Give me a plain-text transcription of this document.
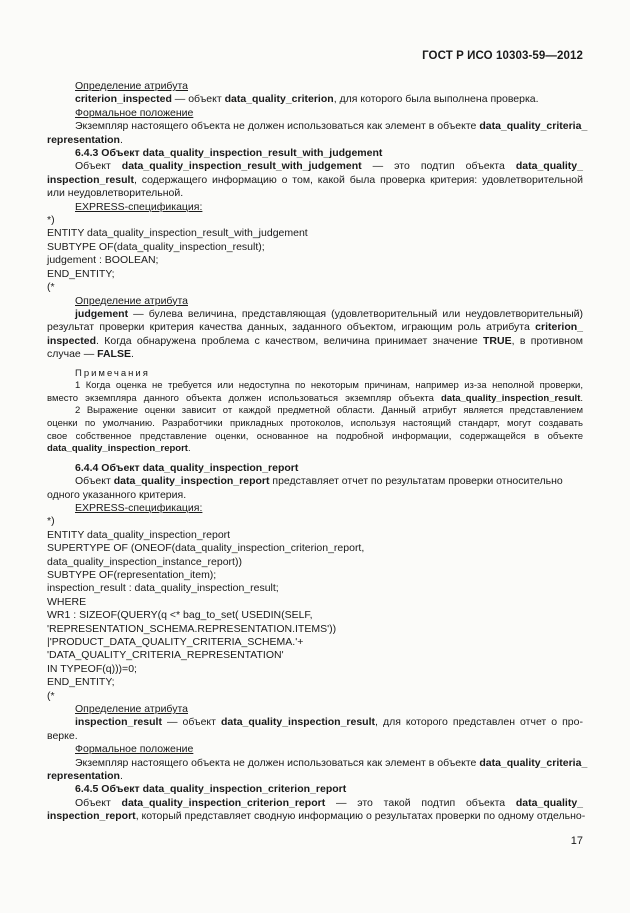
ГОСТ Р ИСО 10303-59—2012
Определение атрибута
criterion_inspected — объект data_quality_criterion, для которого была выполнена проверка.
Формальное положение
Экземпляр настоящего объекта не должен использоваться как элемент в объекте data_quality_criteria_
representation.
6.4.3 Объект data_quality_inspection_result_with_judgement
Объект data_quality_inspection_result_with_judgement — это подтип объекта data_quality_
inspection_result, содержащего информацию о том, какой была проверка критерия: удовлетворительной
или неудовлетворительной.
EXPRESS-спецификация:
*)
ENTITY data_quality_inspection_result_with_judgement
SUBTYPE OF(data_quality_inspection_result);
judgement : BOOLEAN;
END_ENTITY;
(*
Определение атрибута
judgement — булева величина, представляющая (удовлетворительный или неудовлетворительный)
результат проверки критерия качества данных, заданного объектом, играющим роль атрибута criterion_
inspected. Когда обнаружена проблема с качеством, величина принимает значение TRUE, в противном
случае — FALSE.
Примечания
1 Когда оценка не требуется или недоступна по некоторым причинам, например из-за неполной проверки,
вместо экземпляра данного объекта должен использоваться экземпляр объекта data_quality_inspection_result.
2 Выражение оценки зависит от каждой предметной области. Данный атрибут является представлением
оценки по умолчанию. Разработчики прикладных протоколов, используя настоящий стандарт, могут создавать
свое собственное представление оценки, основанное на подробной информации, содержащейся в объекте
data_quality_inspection_report.
6.4.4 Объект data_quality_inspection_report
Объект data_quality_inspection_report представляет отчет по результатам проверки относительно
одного указанного критерия.
EXPRESS-спецификация:
*)
ENTITY data_quality_inspection_report
SUPERTYPE OF (ONEOF(data_quality_inspection_criterion_report,
data_quality_inspection_instance_report))
SUBTYPE OF(representation_item);
inspection_result : data_quality_inspection_result;
WHERE
WR1 : SIZEOF(QUERY(q <* bag_to_set( USEDIN(SELF,
'REPRESENTATION_SCHEMA.REPRESENTATION.ITEMS'))
|'PRODUCT_DATA_QUALITY_CRITERIA_SCHEMA.'+
'DATA_QUALITY_CRITERIA_REPRESENTATION'
IN TYPEOF(q)))=0;
END_ENTITY;
(*
Определение атрибута
inspection_result — объект data_quality_inspection_result, для которого представлен отчет о про-
верке.
Формальное положение
Экземпляр настоящего объекта не должен использоваться как элемент в объекте data_quality_criteria_
representation.
6.4.5 Объект data_quality_inspection_criterion_report
Объект data_quality_inspection_criterion_report — это такой подтип объекта data_quality_
inspection_report, который представляет сводную информацию о результатах проверки по одному отдельно-
17
